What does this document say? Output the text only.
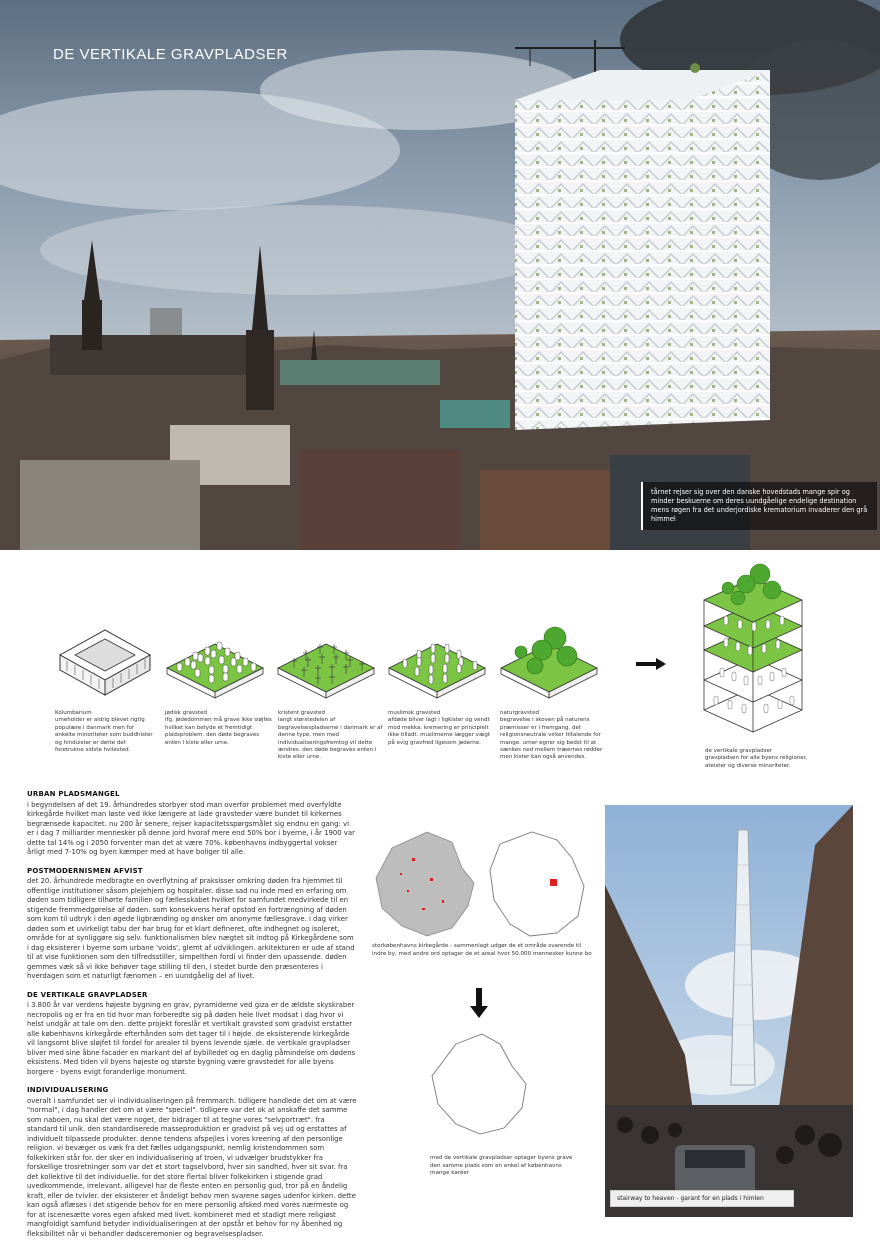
DE VERTIKALE GRAVPLADSER
tårnet rejser sig over den danske hovedstads mange spir og minder beskuerne om deres uundgåelige endelige destination mens røgen fra det underjordiske krematorium invaderer den grå himmel
Kolumbarium
umeholder er aldrig blevet rigtig populære i danmark men for enkelte minoriteter som buddhister og hinduister er dette det foretrukne sidste hvilested.
jødisk gravsted
ifg. jødedommen må grave ikke sløjfes hvilket kan betyde et fremtidigt pladsproblem. den døde begraves enten i kiste eller urne.
kristent gravsted
langt størstedelen af begravelsespladserne i danmark er af denne type, men med individualiseringsfremtog vil dette ændres. den døde begraves enten i kiste eller urne.
muslimsk gravsted
afdøde bliver lagt i ligkister og vendt mod mekka. kremering er principielt ikke tilladt. muslimerne lægger vægt på evig gravfred ligesom jøderne.
naturgravsted
begravelse i skoven på naturens præmisser er i fremgang, det religionsneutrale virker tiltalende for mange. urner egner sig bedst til at sænkes ned mellem træernes rødder men kister kan også anvendes.
de vertikale gravpladser
gravpladsen for alle byens religioner, ateister og diverse minoriteter.
URBAN PLADSMANGEL

i begyndelsen af det 19. århundredes storbyer stod man overfor problemet med overfyldte kirkegårde hvilket man løste ved ikke længere at lade gravsteder være bundet til kirkernes begrænsede kapacitet. nu 200 år senere, rejser kapacitetsspørgsmålet sig endnu en gang: vi er i dag 7 milliarder mennesker på denne jord hvoraf mere end 50% bor i byerne, i år 1900 var dette tal 14% og i 2050 forventer man det at være 70%. københavns indbyggertal vokser årligt med 7-10% og byen kæmper med at have boliger til alle.

POSTMODERNISMEN AFVIST

det 20. århundrede medbragte en overflytning af praksisser omkring døden fra hjemmet til offentlige institutioner såsom plejehjem og hospitaler. disse sad nu inde med en erfaring om døden som tidligere tilhørte familien og fællesskabet hvilket for samfundet medvirkede til en stigende fremmedgørelse af døden. som konsekvens heraf opstod en fortrængning af døden som kom til udtryk i den øgede ligbrænding og ønsker om anonyme fællesgrave. i dag virker døden som et uvirkeligt tabu der har brug for et klart defineret, ofte indhegnet og isoleret, område for at synliggøre sig selv. funktionalismen blev nægtet sit indtog på Kirkegårdene som i dag eksisterer i byerne som urbane 'voids', glemt af udviklingen. arkitekturen er ude af stand til at vise funktionen som den tilfredsstiller, simpelthen fordi vi finder den upassende. døden gemmes væk så vi ikke behøver tage stilling til den, i stedet burde den præsenteres i hverdagen som et naturligt fænomen – en uundgåelig del af livet.

DE VERTIKALE GRAVPLADSER

i 3.800 år var verdens højeste bygning en grav, pyramiderne ved giza er de ældste skyskraber necropolis og er fra en tid hvor man forberedte sig på døden hele livet modsat i dag hvor vi helst undgår at tale om den. dette projekt foreslår et vertikalt gravsted som gradvist erstatter alle københavns kirkegårde efterhånden som det tager til i højde. de eksisterende kirkegårde vil langsomt blive sløjfet til fordel for arealer til byens levende sjæle. de vertikale gravpladser bliver med sine åbne facader en markant del af bybilledet og en daglig påmindelse om dødens eksistens. Med tiden vil byens højeste og største bygning være gravstedet for alle byens borgere - byens evigt foranderlige monument.

INDIVIDUALISERING

overalt i samfundet ser vi individualiseringen på fremmarch. tidligere handlede det om at være "normal", i dag handler det om at være "speciel". tidligere var det ok at anskaffe det samme som naboen, nu skal det være noget, der bidrager til at tegne vores "selvportræt". fra standard til unik. den standardiserede masseproduktion er gradvist på vej ud og erstattes af individuelt tilpassede produkter. denne tendens afspejles i vores kreering af den personlige religion. vi bevæger os væk fra det fælles udgangspunkt, nemlig kristendommen som folkekirken står for. der sker en individualisering af troen, vi udvælger brudstykker fra forskellige trosretninger som var det et stort tagselvbord, hver sin sandhed, hver sit svar. fra det kollektive til det individuelle. for det store flertal bliver folkekirken i stigende grad uvedkommende, irrelevant. alligevel har de fleste enten en personlig gud, tror på en åndelig kraft, eller de tvivler. der eksisterer et åndeligt behov men svarene søges udenfor kirken. dette kan også aflæses i det stigende behov for en mere personlig afsked med vores nærmeste og for at iscenesætte vores egen afsked med livet. kombineret med et stadigt mere religiøst mangfoldigt samfund betyder individualiseringen at der opstår et behov for ny åbenhed og fleksibilitet når vi behandler dødsceremonier og begravelsespladser.

storkøbenhavns kirkegårde - sammenlagt udgør de et område svarende til indre by, med andre ord optager de et areal hvor 50.000 mennesker kunne bo
med de vertikale gravpladser optager byens grave den samme plads som en enkel af københavns mange karéer
stairway to heaven - garant for en plads i himlen
